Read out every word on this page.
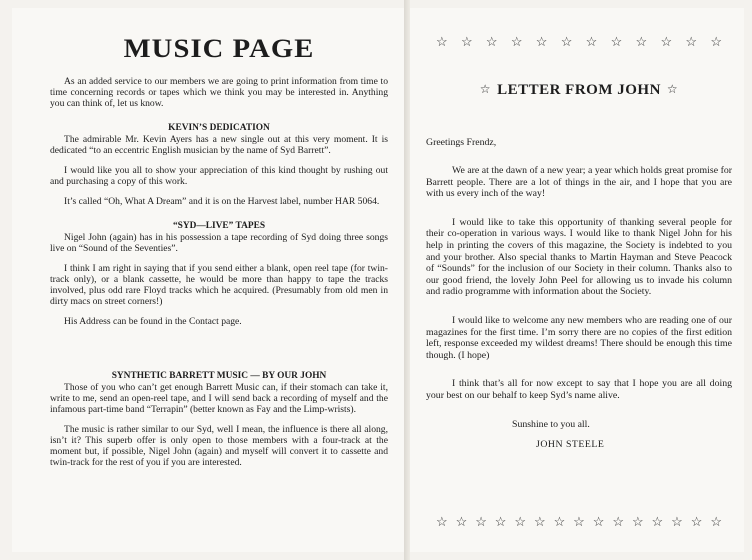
MUSIC PAGE

As an added service to our members we are going to print information from time to time concerning records or tapes which we think you may be interested in. Anything you can think of, let us know.

KEVIN’S DEDICATION

The admirable Mr. Kevin Ayers has a new single out at this very moment. It is dedicated “to an eccentric English musician by the name of Syd Barrett”.

I would like you all to show your appreciation of this kind thought by rushing out and purchasing a copy of this work.

It’s called “Oh, What A Dream” and it is on the Harvest label, number HAR 5064.

“SYD—LIVE” TAPES

Nigel John (again) has in his possession a tape recording of Syd doing three songs live on “Sound of the Seventies”.

I think I am right in saying that if you send either a blank, open reel tape (for twin-track only), or a blank cassette, he would be more than happy to tape the tracks involved, plus odd rare Floyd tracks which he acquired. (Presumably from old men in dirty macs on street corners!)

His Address can be found in the Contact page.

SYNTHETIC BARRETT MUSIC — BY OUR JOHN

Those of you who can’t get enough Barrett Music can, if their stomach can take it, write to me, send an open-reel tape, and I will send back a recording of myself and the infamous part-time band “Terrapin” (better known as Fay and the Limp-wrists).

The music is rather similar to our Syd, well I mean, the influence is there all along, isn’t it? This superb offer is only open to those members with a four-track at the moment but, if possible, Nigel John (again) and myself will convert it to cassette and twin-track for the rest of you if you are interested.

☆ ☆ ☆ ☆ ☆ ☆ ☆ ☆ ☆ ☆ ☆ ☆
☆ LETTER FROM JOHN ☆
Greetings Frendz,

We are at the dawn of a new year; a year which holds great promise for Barrett people. There are a lot of things in the air, and I hope that you are with us every inch of the way!

I would like to take this opportunity of thanking several people for their co-operation in various ways. I would like to thank Nigel John for his help in printing the covers of this magazine, the Society is indebted to you and your brother. Also special thanks to Martin Hayman and Steve Peacock of “Sounds” for the inclusion of our Society in their column. Thanks also to our good friend, the lovely John Peel for allowing us to invade his column and radio programme with information about the Society.

I would like to welcome any new members who are reading one of our magazines for the first time. I’m sorry there are no copies of the first edition left, response exceeded my wildest dreams! There should be enough this time though. (I hope)

I think that’s all for now except to say that I hope you are all doing your best on our behalf to keep Syd’s name alive.

Sunshine to you all.
JOHN STEELE
☆ ☆ ☆ ☆ ☆ ☆ ☆ ☆ ☆ ☆ ☆ ☆ ☆ ☆ ☆
